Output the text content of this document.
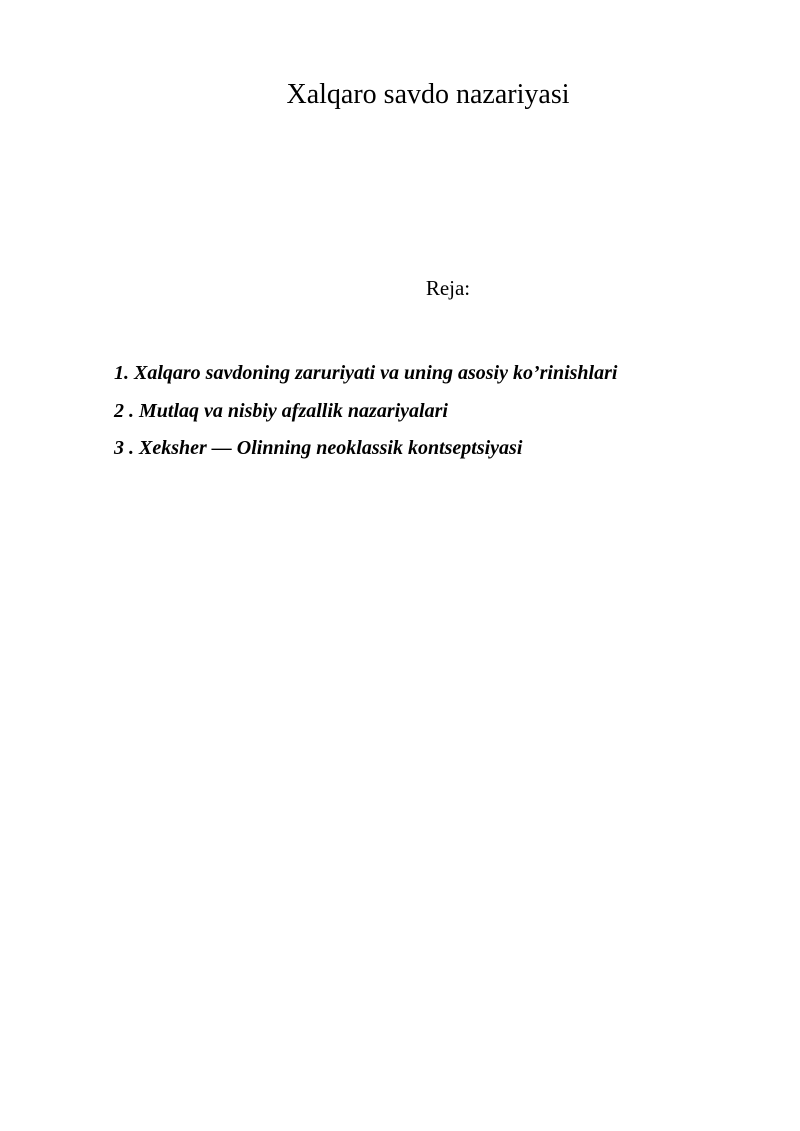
Xalqaro savdo nazariyasi
Reja:
1. Xalqaro savdoning zaruriyati va uning asosiy ko’rinishlari
2 . Mutlaq va nisbiy afzallik nazariyalari
3 . Xeksher — Olinning neoklassik kontseptsiyasi
